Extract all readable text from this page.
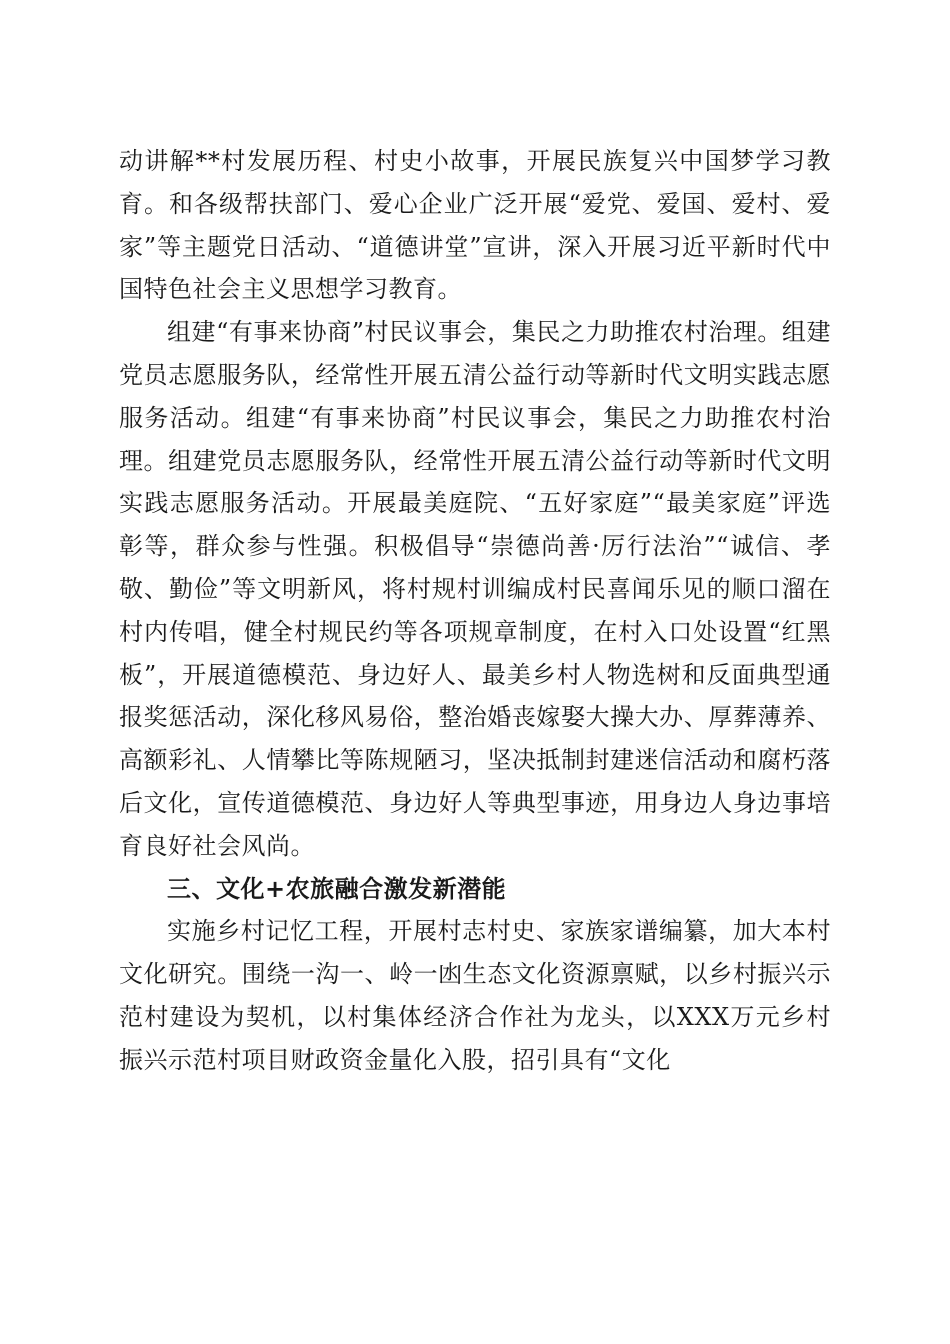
动讲解**村发展历程、村史小故事，开展民族复兴中国梦学习教育。和各级帮扶部门、爱心企业广泛开展“爱党、爱国、爱村、爱家”等主题党日活动、“道德讲堂”宣讲，深入开展习近平新时代中国特色社会主义思想学习教育。

组建“有事来协商”村民议事会，集民之力助推农村治理。组建党员志愿服务队，经常性开展五清公益行动等新时代文明实践志愿服务活动。组建“有事来协商”村民议事会，集民之力助推农村治理。组建党员志愿服务队，经常性开展五清公益行动等新时代文明实践志愿服务活动。开展最美庭院、“五好家庭”“最美家庭”评选彰等，群众参与性强。积极倡导“崇德尚善·厉行法治”“诚信、孝敬、勤俭”等文明新风，将村规村训编成村民喜闻乐见的顺口溜在村内传唱，健全村规民约等各项规章制度，在村入口处设置“红黑板”，开展道德模范、身边好人、最美乡村人物选树和反面典型通报奖惩活动，深化移风易俗，整治婚丧嫁娶大操大办、厚葬薄养、高额彩礼、人情攀比等陈规陋习，坚决抵制封建迷信活动和腐朽落后文化，宣传道德模范、身边好人等典型事迹，用身边人身边事培育良好社会风尚。

三、文化+农旅融合激发新潜能

实施乡村记忆工程，开展村志村史、家族家谱编纂，加大本村文化研究。围绕一沟一、岭一凼生态文化资源禀赋，以乡村振兴示范村建设为契机，以村集体经济合作社为龙头，以XXX万元乡村振兴示范村项目财政资金量化入股，招引具有“文化
